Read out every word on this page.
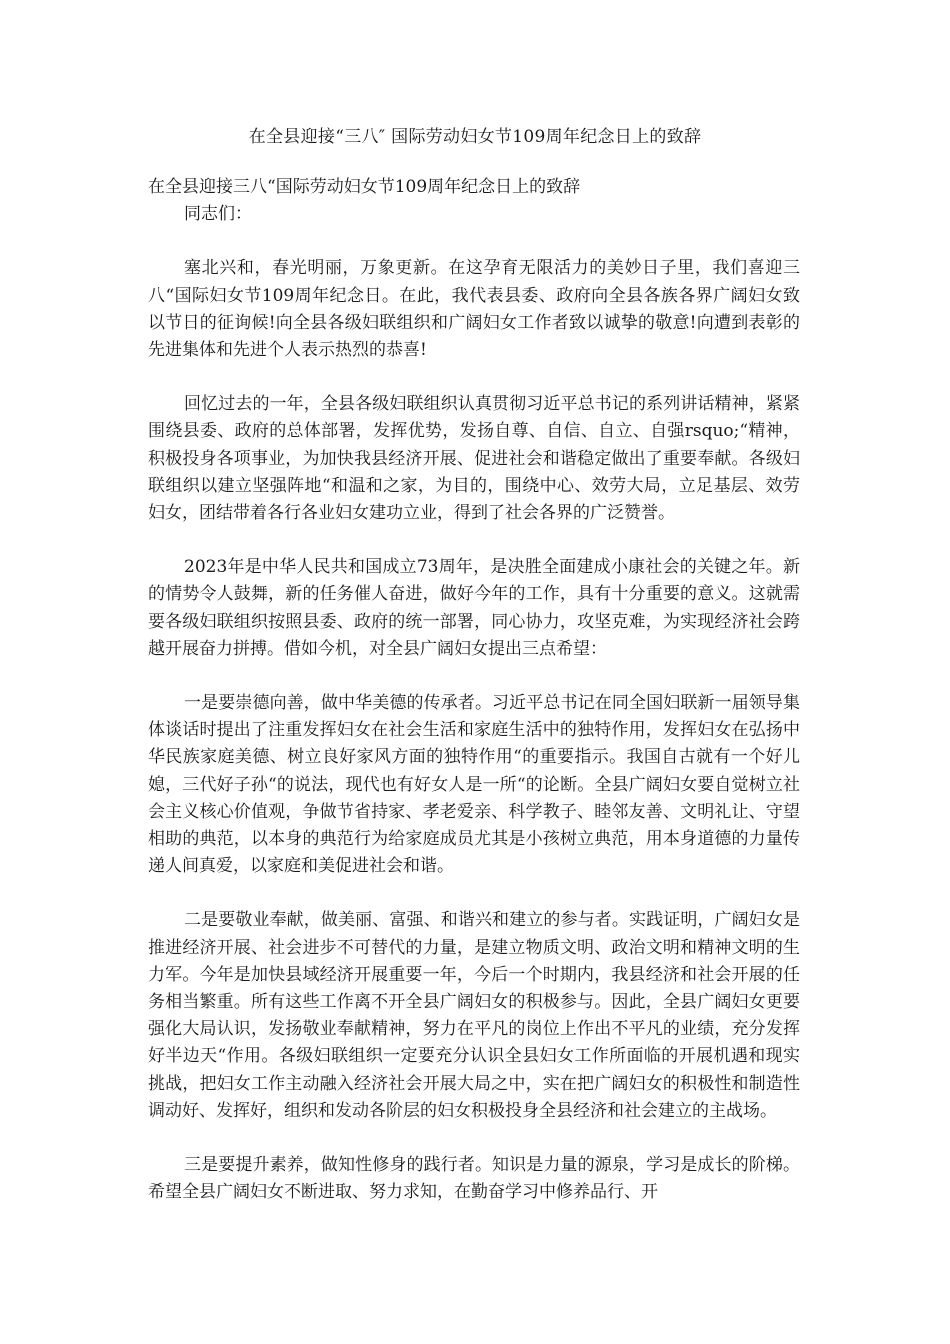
在全县迎接“三八″ 国际劳动妇女节109周年纪念日上的致辞

在全县迎接三八“国际劳动妇女节109周年纪念日上的致辞

同志们：

塞北兴和，春光明丽，万象更新。在这孕育无限活力的美妙日子里，我们喜迎三八“国际妇女节109周年纪念日。在此，我代表县委、政府向全县各族各界广阔妇女致以节日的征询候!向全县各级妇联组织和广阔妇女工作者致以诚挚的敬意!向遭到表彰的先进集体和先进个人表示热烈的恭喜!

回忆过去的一年，全县各级妇联组织认真贯彻习近平总书记的系列讲话精神，紧紧围绕县委、政府的总体部署，发挥优势，发扬自尊、自信、自立、自强rsquo;“精神，积极投身各项事业，为加快我县经济开展、促进社会和谐稳定做出了重要奉献。各级妇联组织以建立坚强阵地“和温和之家，为目的，围绕中心、效劳大局，立足基层、效劳妇女，团结带着各行各业妇女建功立业，得到了社会各界的广泛赞誉。

2023年是中华人民共和国成立73周年，是决胜全面建成小康社会的关键之年。新的情势令人鼓舞，新的任务催人奋进，做好今年的工作，具有十分重要的意义。这就需要各级妇联组织按照县委、政府的统一部署，同心协力，攻坚克难，为实现经济社会跨越开展奋力拼搏。借如今机，对全县广阔妇女提出三点希望：

一是要崇德向善，做中华美德的传承者。习近平总书记在同全国妇联新一届领导集体谈话时提出了注重发挥妇女在社会生活和家庭生活中的独特作用，发挥妇女在弘扬中华民族家庭美德、树立良好家风方面的独特作用“的重要指示。我国自古就有一个好儿媳，三代好子孙“的说法，现代也有好女人是一所“的论断。全县广阔妇女要自觉树立社会主义核心价值观，争做节省持家、孝老爱亲、科学教子、睦邻友善、文明礼让、守望相助的典范，以本身的典范行为给家庭成员尤其是小孩树立典范，用本身道德的力量传递人间真爱，以家庭和美促进社会和谐。

二是要敬业奉献，做美丽、富强、和谐兴和建立的参与者。实践证明，广阔妇女是推进经济开展、社会进步不可替代的力量，是建立物质文明、政治文明和精神文明的生力军。今年是加快县域经济开展重要一年，今后一个时期内，我县经济和社会开展的任务相当繁重。所有这些工作离不开全县广阔妇女的积极参与。因此，全县广阔妇女更要强化大局认识，发扬敬业奉献精神，努力在平凡的岗位上作出不平凡的业绩，充分发挥好半边天“作用。各级妇联组织一定要充分认识全县妇女工作所面临的开展机遇和现实挑战，把妇女工作主动融入经济社会开展大局之中，实在把广阔妇女的积极性和制造性调动好、发挥好，组织和发动各阶层的妇女积极投身全县经济和社会建立的主战场。

三是要提升素养，做知性修身的践行者。知识是力量的源泉，学习是成长的阶梯。希望全县广阔妇女不断进取、努力求知，在勤奋学习中修养品行、开
